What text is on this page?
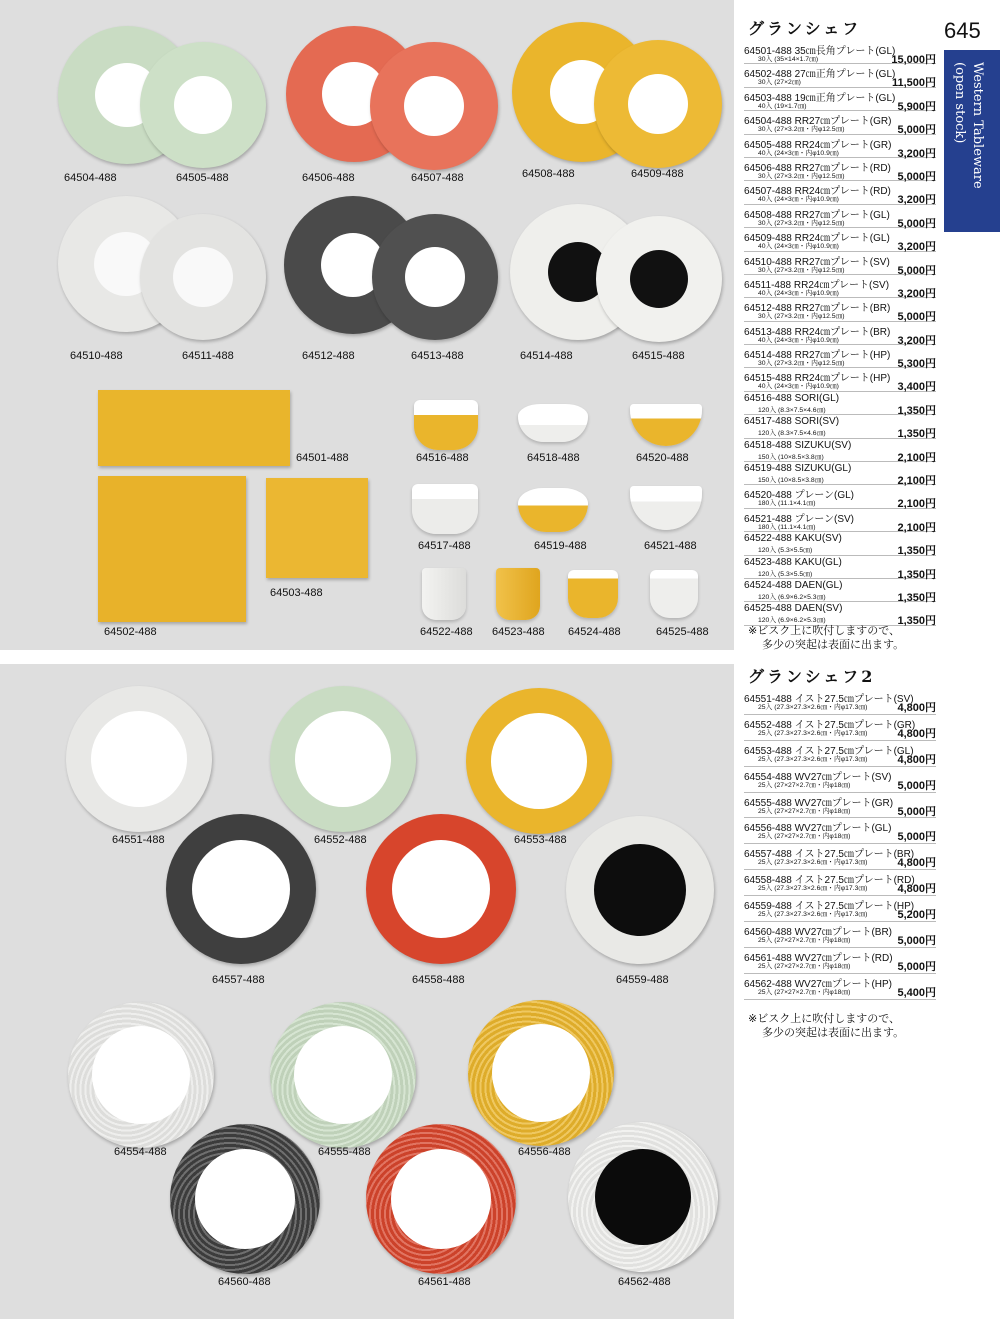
64504-488	64505-488	64506-488	64507-488	64508-488	64509-488
64510-488	64511-488	64512-488	64513-488	64514-488	64515-488
64501-488
64503-488
64502-488
64516-488	64518-488	64520-488
64517-488	64519-488	64521-488
64522-488 64523-488 64524-488	64525-488
64551-488	64552-488	64553-488
64557-488	64558-488	64559-488
64554-488	64555-488	64556-488
64560-488	64561-488	64562-488
645
Western Tableware
(open stock)
グランシェフ
64501-488 35㎝長角プレート(GL)
30入 (35×14×1.7㎝)	15,000円
64502-488 27㎝正角プレート(GL)
30入 (27×2㎝)	11,500円
64503-488 19㎝正角プレート(GL)
40入 (19×1.7㎝)	5,900円
64504-488 RR27㎝プレート(GR)
30入 (27×3.2㎝・内φ12.5㎝)	5,000円
64505-488 RR24㎝プレート(GR)
40入 (24×3㎝・内φ10.9㎝)	3,200円
64506-488 RR27㎝プレート(RD)
30入 (27×3.2㎝・内φ12.5㎝)	5,000円
64507-488 RR24㎝プレート(RD)
40入 (24×3㎝・内φ10.9㎝)	3,200円
64508-488 RR27㎝プレート(GL)
30入 (27×3.2㎝・内φ12.5㎝)	5,000円
64509-488 RR24㎝プレート(GL)
40入 (24×3㎝・内φ10.9㎝)	3,200円
64510-488 RR27㎝プレート(SV)
30入 (27×3.2㎝・内φ12.5㎝)	5,000円
64511-488 RR24㎝プレート(SV)
40入 (24×3㎝・内φ10.9㎝)	3,200円
64512-488 RR27㎝プレート(BR)
30入 (27×3.2㎝・内φ12.5㎝)	5,000円
64513-488 RR24㎝プレート(BR)
40入 (24×3㎝・内φ10.9㎝)	3,200円
64514-488 RR27㎝プレート(HP)
30入 (27×3.2㎝・内φ12.5㎝)	5,300円
64515-488 RR24㎝プレート(HP)
40入 (24×3㎝・内φ10.9㎝)	3,400円
64516-488 SORI(GL)
120入 (8.3×7.5×4.6㎝)	1,350円
64517-488 SORI(SV)
120入 (8.3×7.5×4.6㎝)	1,350円
64518-488 SIZUKU(SV)
150入 (10×8.5×3.8㎝)	2,100円
64519-488 SIZUKU(GL)
150入 (10×8.5×3.8㎝)	2,100円
64520-488 プレーン(GL)
180入 (11.1×4.1㎝)	2,100円
64521-488 プレーン(SV)
180入 (11.1×4.1㎝)	2,100円
64522-488 KAKU(SV)
120入 (5.3×5.5㎝)	1,350円
64523-488 KAKU(GL)
120入 (5.3×5.5㎝)	1,350円
64524-488 DAEN(GL)
120入 (6.9×6.2×5.3㎝)	1,350円
64525-488 DAEN(SV)
120入 (6.9×6.2×5.3㎝)	1,350円
※ビスク上に吹付しますので、
多少の突起は表面に出ます。
グランシェフ2
64551-488 イスト27.5㎝プレート(SV)
25入 (27.3×27.3×2.6㎝・内φ17.3㎝)	4,800円
64552-488 イスト27.5㎝プレート(GR)
25入 (27.3×27.3×2.6㎝・内φ17.3㎝)	4,800円
64553-488 イスト27.5㎝プレート(GL)
25入 (27.3×27.3×2.6㎝・内φ17.3㎝)	4,800円
64554-488 WV27㎝プレート(SV)
25入 (27×27×2.7㎝・内φ18㎝)	5,000円
64555-488 WV27㎝プレート(GR)
25入 (27×27×2.7㎝・内φ18㎝)	5,000円
64556-488 WV27㎝プレート(GL)
25入 (27×27×2.7㎝・内φ18㎝)	5,000円
64557-488 イスト27.5㎝プレート(BR)
25入 (27.3×27.3×2.6㎝・内φ17.3㎝)	4,800円
64558-488 イスト27.5㎝プレート(RD)
25入 (27.3×27.3×2.6㎝・内φ17.3㎝)	4,800円
64559-488 イスト27.5㎝プレート(HP)
25入 (27.3×27.3×2.6㎝・内φ17.3㎝)	5,200円
64560-488 WV27㎝プレート(BR)
25入 (27×27×2.7㎝・内φ18㎝)	5,000円
64561-488 WV27㎝プレート(RD)
25入 (27×27×2.7㎝・内φ18㎝)	5,000円
64562-488 WV27㎝プレート(HP)
25入 (27×27×2.7㎝・内φ18㎝)	5,400円
※ビスク上に吹付しますので、
多少の突起は表面に出ます。
